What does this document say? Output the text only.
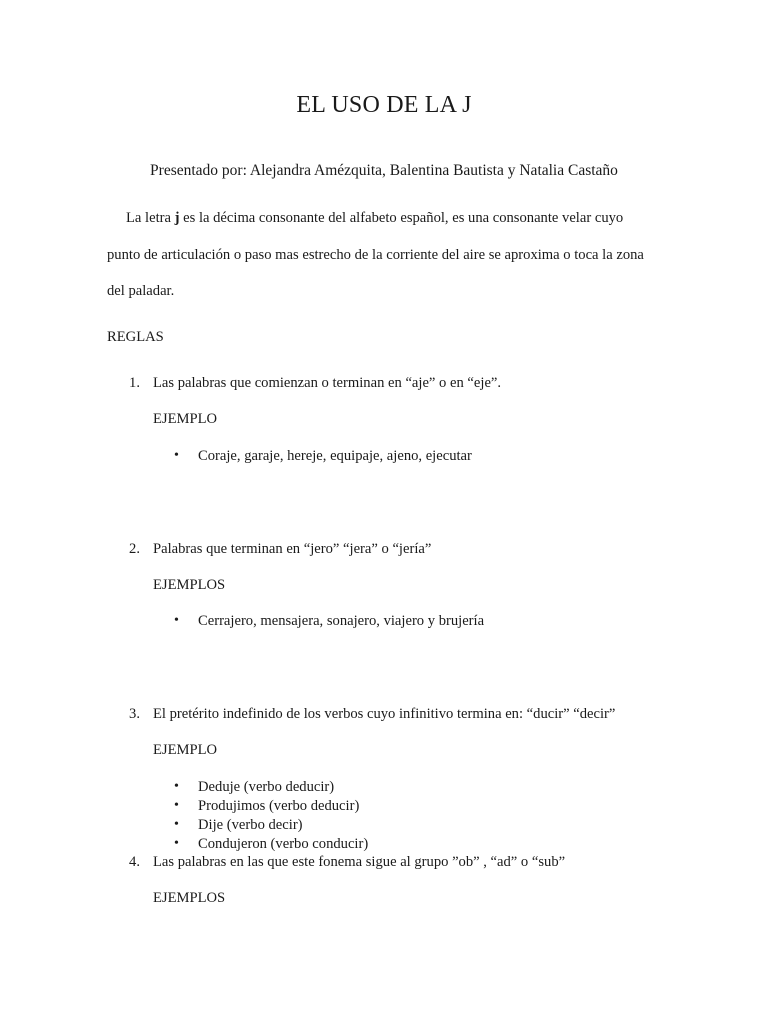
EL USO DE LA J
Presentado por: Alejandra Amézquita, Balentina Bautista y Natalia Castaño
La letra j es la décima consonante del alfabeto español, es una consonante velar cuyo
punto de articulación o paso mas estrecho de la corriente del aire se aproxima o toca la zona
del paladar.
REGLAS
1. Las palabras que comienzan o terminan en “aje” o en “eje”.
EJEMPLO
• Coraje, garaje, hereje, equipaje, ajeno, ejecutar
2. Palabras que terminan en “jero” “jera” o “jería”
EJEMPLOS
• Cerrajero, mensajera, sonajero, viajero y brujería
3. El pretérito indefinido de los verbos cuyo infinitivo termina en: “ducir” “decir”
EJEMPLO
• Deduje (verbo deducir)
• Produjimos (verbo deducir)
• Dije (verbo decir)
• Condujeron (verbo conducir)
4. Las palabras en las que este fonema sigue al grupo ”ob” , “ad” o “sub”
EJEMPLOS
